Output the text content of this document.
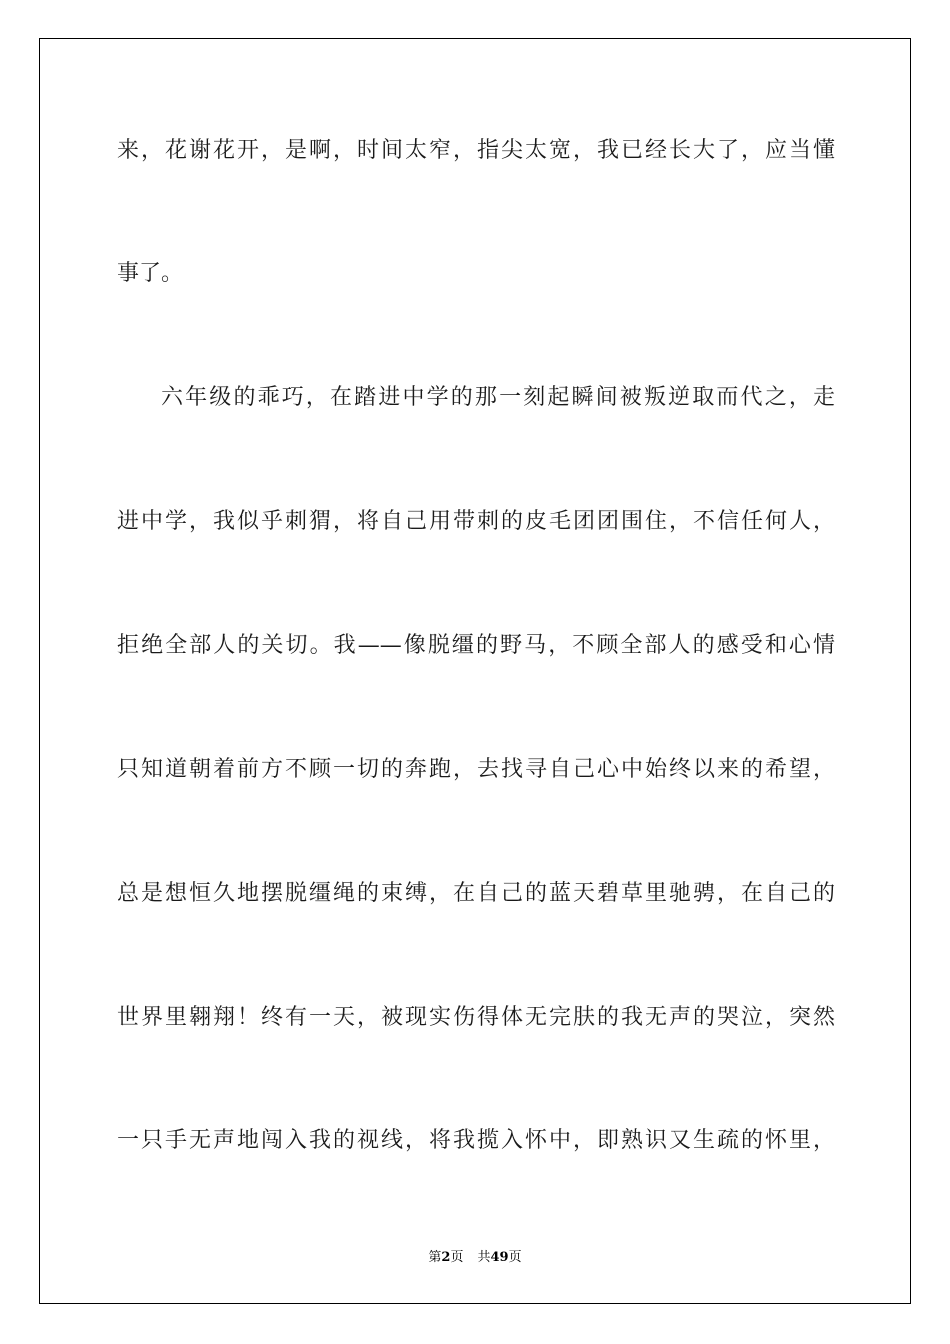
来，花谢花开，是啊，时间太窄，指尖太宽，我已经长大了，应当懂
事了。
六年级的乖巧，在踏进中学的那一刻起瞬间被叛逆取而代之，走
进中学，我似乎刺猬，将自己用带刺的皮毛团团围住，不信任何人，
拒绝全部人的关切。我——像脱缰的野马，不顾全部人的感受和心情
只知道朝着前方不顾一切的奔跑，去找寻自己心中始终以来的希望，
总是想恒久地摆脱缰绳的束缚，在自己的蓝天碧草里驰骋，在自己的
世界里翱翔！终有一天，被现实伤得体无完肤的我无声的哭泣，突然
一只手无声地闯入我的视线，将我揽入怀中，即熟识又生疏的怀里，
第2页 共49页
